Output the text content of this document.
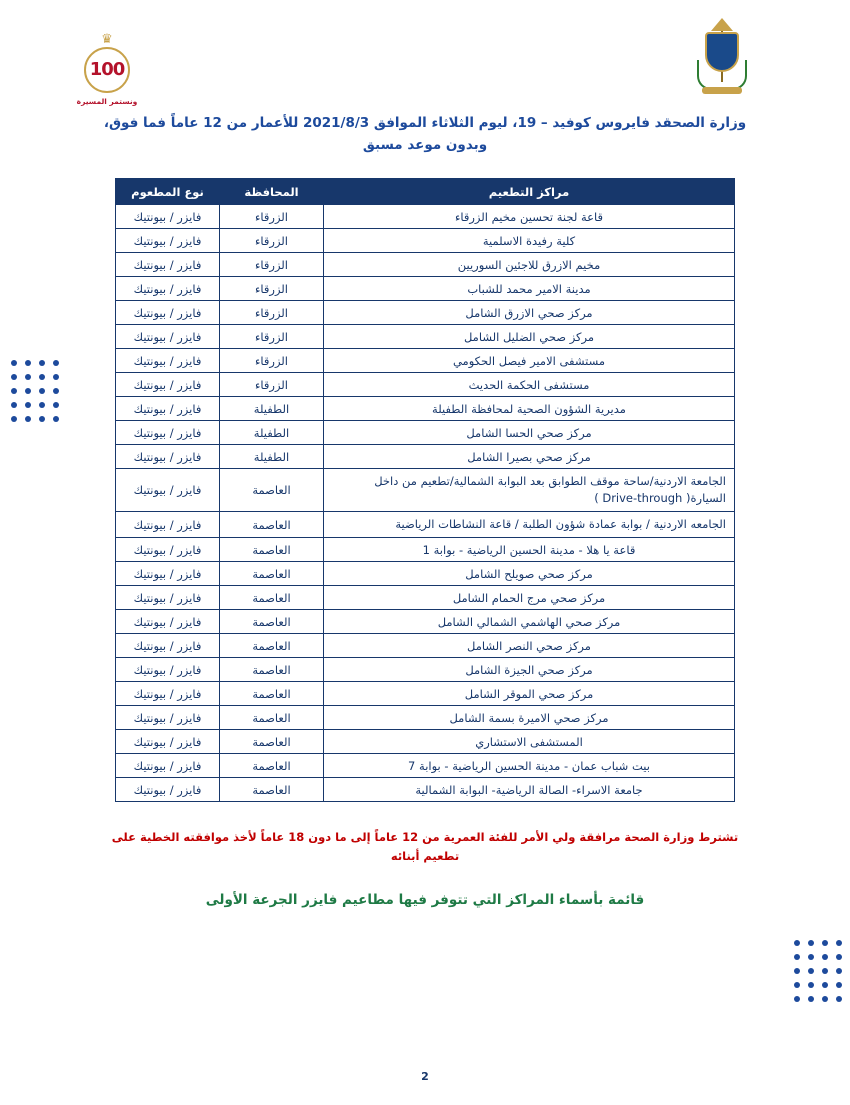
♛
100
ونستمر المسيرة
وزارة الصحقد فايروس كوفيد – 19، ليوم الثلاثاء الموافق 2021/8/3 للأعمار من 12 عاماً فما فوق،
وبدون موعد مسبق
مراكز التطعيم	المحافظة	نوع المطعوم
قاعة لجنة تحسين مخيم الزرقاء	الزرقاء	فايزر / بيونتيك
كلية رفيدة الاسلمية	الزرقاء	فايزر / بيونتيك
مخيم الازرق للاجئين السوريين	الزرقاء	فايزر / بيونتيك
مدينة الامير محمد للشباب	الزرقاء	فايزر / بيونتيك
مركز صحي الازرق الشامل	الزرقاء	فايزر / بيونتيك
مركز صحي الضليل الشامل	الزرقاء	فايزر / بيونتيك
مستشفى الامير فيصل الحكومي	الزرقاء	فايزر / بيونتيك
مستشفى الحكمة الحديث	الزرقاء	فايزر / بيونتيك
مديرية الشؤون الصحية لمحافظة الطفيلة	الطفيلة	فايزر / بيونتيك
مركز صحي الحسا الشامل	الطفيلة	فايزر / بيونتيك
مركز صحي بصيرا الشامل	الطفيلة	فايزر / بيونتيك
الجامعة الاردنية/ساحة موقف الطوابق بعد البوابة الشمالية/تطعيم من داخل السيارة( Drive-through )	العاصمة	فايزر / بيونتيك
الجامعه الاردنية / بوابة عمادة شؤون الطلبة / قاعة النشاطات الرياضية	العاصمة	فايزر / بيونتيك
قاعة يا هلا - مدينة الحسين الرياضية - بوابة 1	العاصمة	فايزر / بيونتيك
مركز صحي صويلح الشامل	العاصمة	فايزر / بيونتيك
مركز صحي مرج الحمام الشامل	العاصمة	فايزر / بيونتيك
مركز صحي الهاشمي الشمالي الشامل	العاصمة	فايزر / بيونتيك
مركز صحي النصر الشامل	العاصمة	فايزر / بيونتيك
مركز صحي الجيزة الشامل	العاصمة	فايزر / بيونتيك
مركز صحي الموقر الشامل	العاصمة	فايزر / بيونتيك
مركز صحي الاميرة بسمة الشامل	العاصمة	فايزر / بيونتيك
المستشفى الاستشاري	العاصمة	فايزر / بيونتيك
بيت شباب عمان - مدينة الحسين الرياضية - بوابة 7	العاصمة	فايزر / بيونتيك
جامعة الاسراء- الصالة الرياضية- البوابة الشمالية	العاصمة	فايزر / بيونتيك
تشترط وزارة الصحة مرافقة ولي الأمر للفئة العمرية من 12 عاماً إلى ما دون 18 عاماً لأخذ موافقته الخطية على تطعيم أبنائه
قائمة بأسماء المراكز التي تتوفر فيها مطاعيم فايزر الجرعة الأولى
2
